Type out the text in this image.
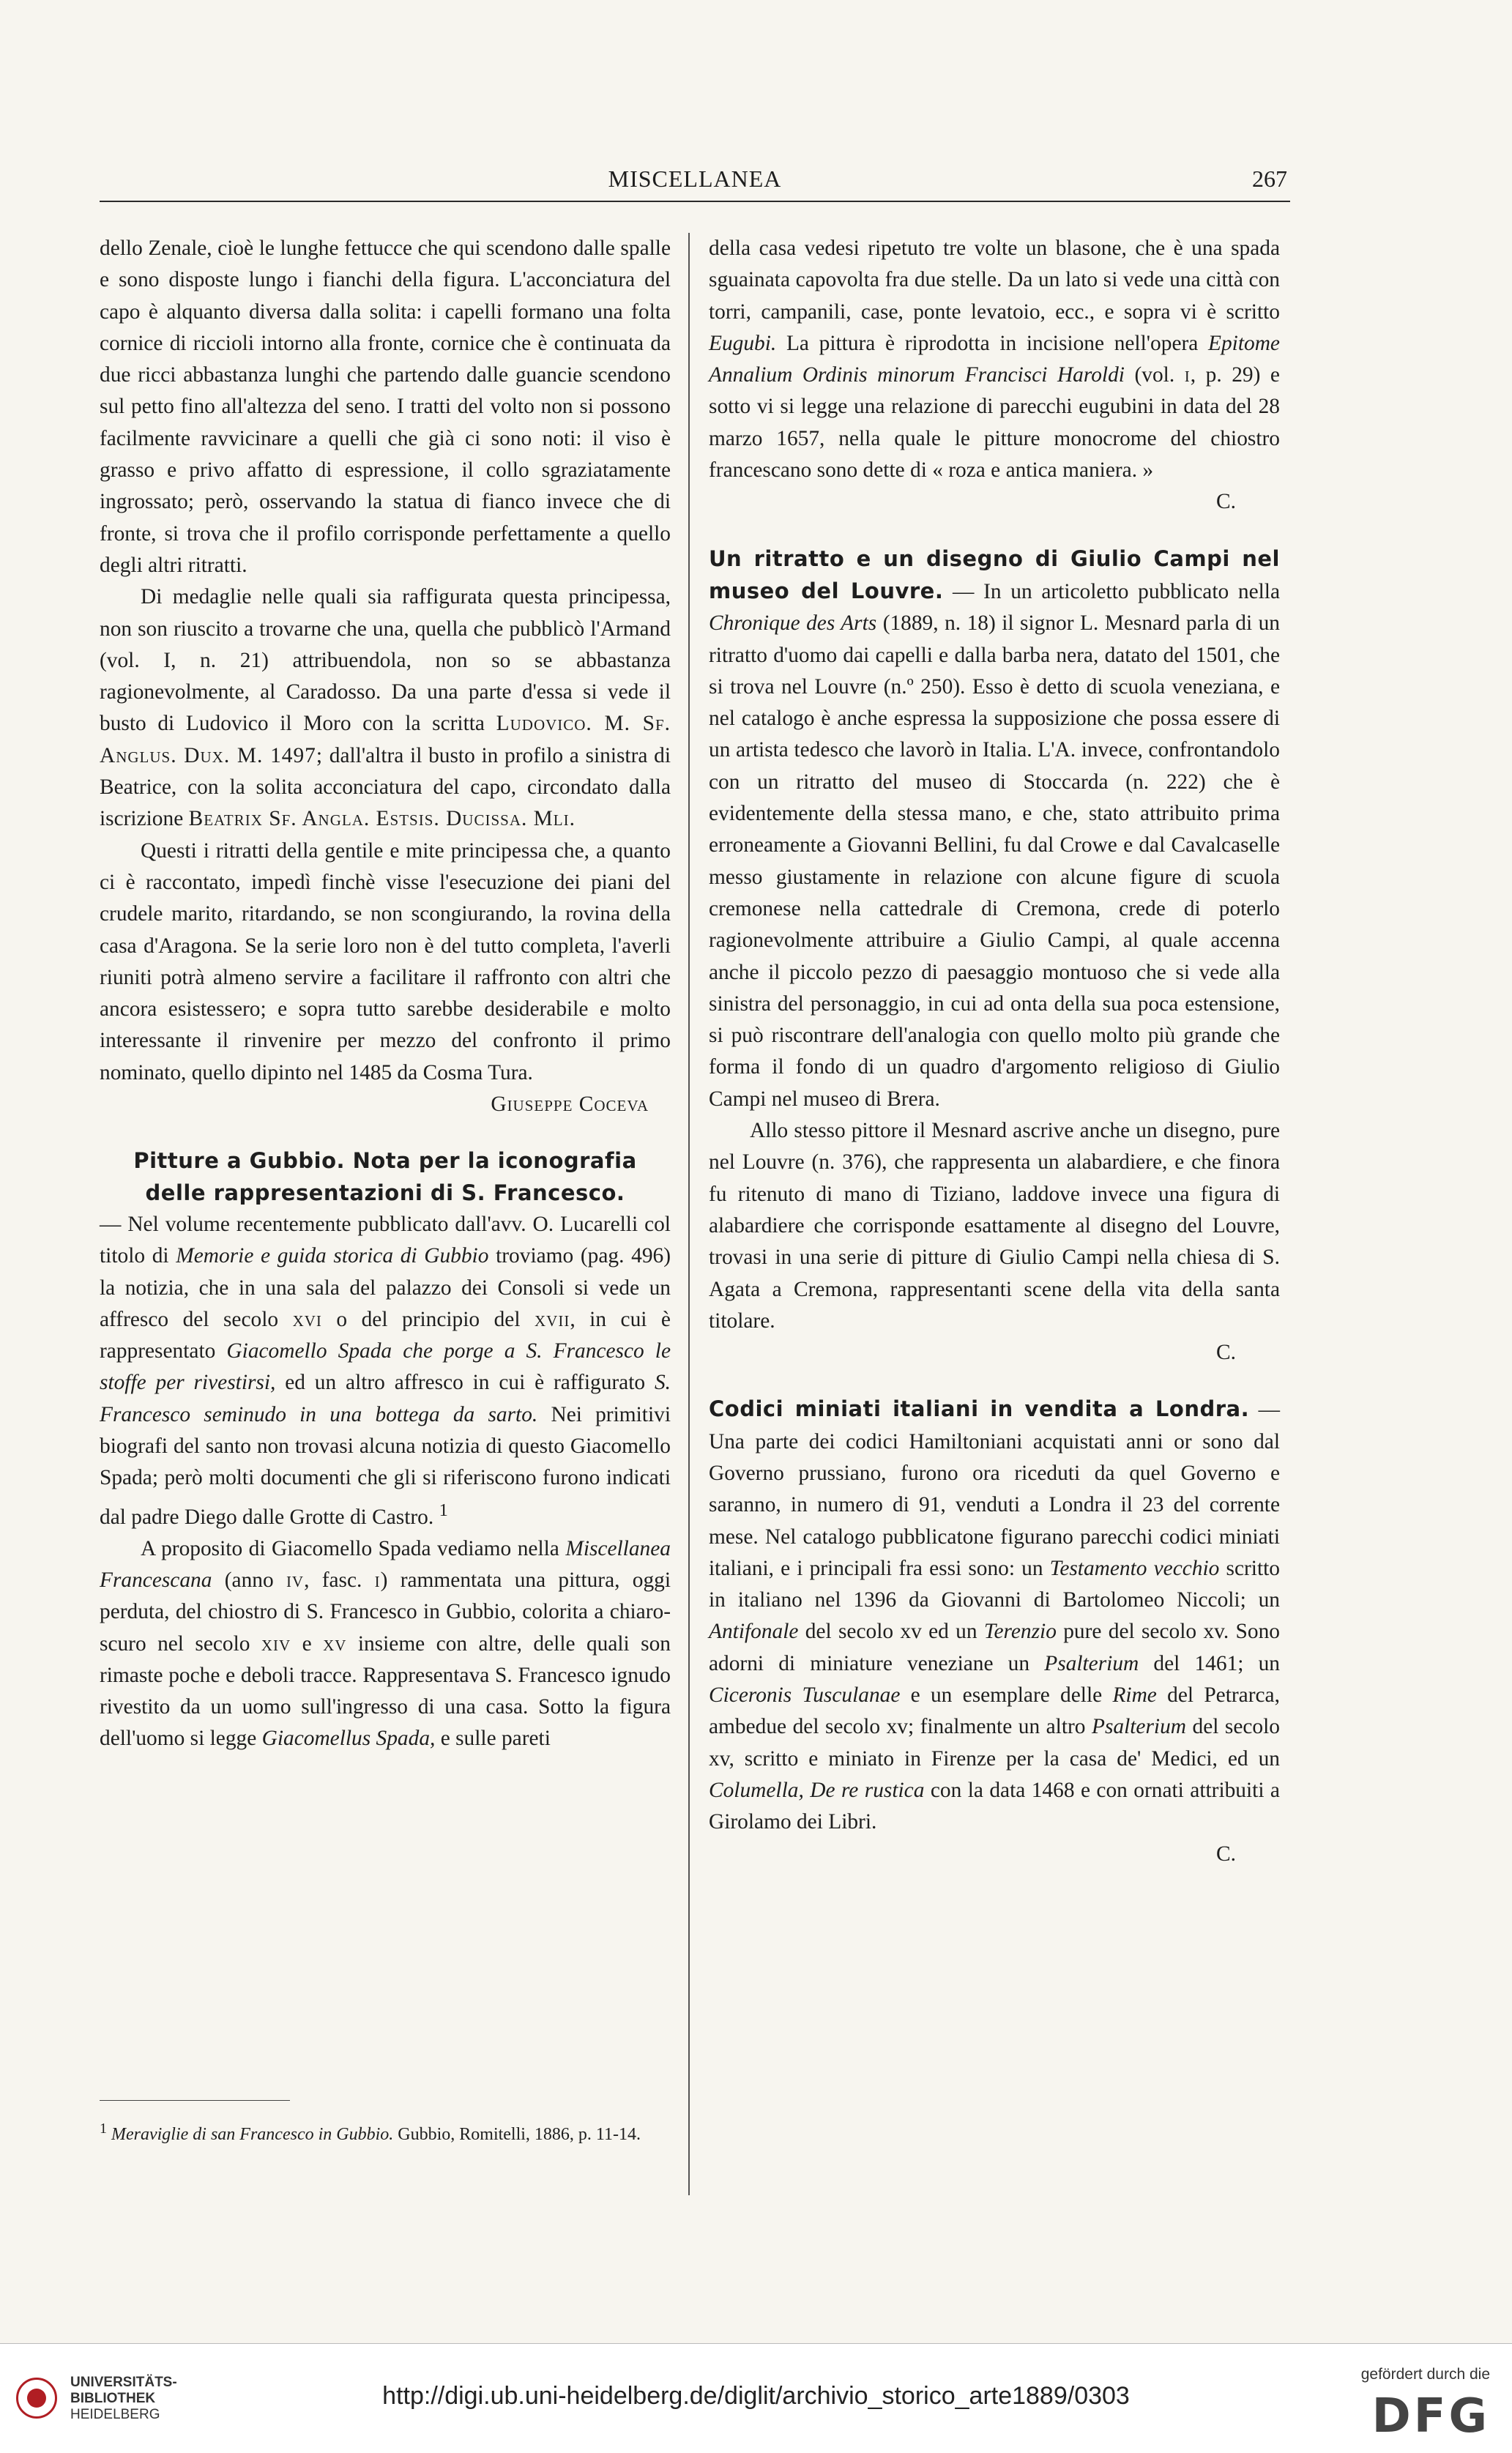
MISCELLANEA	267

dello Zenale, cioè le lunghe fettucce che qui scendono dalle spalle e sono disposte lungo i fianchi della figura. L'acconciatura del capo è alquanto diversa dalla solita: i capelli formano una folta cornice di riccioli intorno alla fronte, cornice che è continuata da due ricci abbastanza lunghi che partendo dalle guancie scendono sul petto fino all'altezza del seno. I tratti del volto non si possono facilmente ravvicinare a quelli che già ci sono noti: il viso è grasso e privo affatto di espressione, il collo sgraziatamente ingrossato; però, osservando la statua di fianco invece che di fronte, si trova che il profilo corrisponde perfettamente a quello degli altri ritratti.

Di medaglie nelle quali sia raffigurata questa principessa, non son riuscito a trovarne che una, quella che pubblicò l'Armand (vol. I, n. 21) attribuendola, non so se abbastanza ragionevolmente, al Caradosso. Da una parte d'essa si vede il busto di Ludovico il Moro con la scritta Ludovico. M. Sf. Anglus. Dux. M. 1497; dall'altra il busto in profilo a sinistra di Beatrice, con la solita acconciatura del capo, circondato dalla iscrizione Beatrix Sf. Angla. Estsis. Ducissa. Mli.

Questi i ritratti della gentile e mite principessa che, a quanto ci è raccontato, impedì finchè visse l'esecuzione dei piani del crudele marito, ritardando, se non scongiurando, la rovina della casa d'Aragona. Se la serie loro non è del tutto completa, l'averli riuniti potrà almeno servire a facilitare il raffronto con altri che ancora esistessero; e sopra tutto sarebbe desiderabile e molto interessante il rinvenire per mezzo del confronto il primo nominato, quello dipinto nel 1485 da Cosma Tura.

Giuseppe Coceva

Pitture a Gubbio. Nota per la iconografia delle rappresentazioni di S. Francesco.
— Nel volume recentemente pubblicato dall'avv. O. Lucarelli col titolo di Memorie e guida storica di Gubbio troviamo (pag. 496) la notizia, che in una sala del palazzo dei Consoli si vede un affresco del secolo xvi o del principio del xvii, in cui è rappresentato Giacomello Spada che porge a S. Francesco le stoffe per rivestirsi, ed un altro affresco in cui è raffigurato S. Francesco seminudo in una bottega da sarto. Nei primitivi biografi del santo non trovasi alcuna notizia di questo Giacomello Spada; però molti documenti che gli si riferiscono furono indicati dal padre Diego dalle Grotte di Castro. $^1$

A proposito di Giacomello Spada vediamo nella Miscellanea Francescana (anno iv, fasc. i) rammentata una pittura, oggi perduta, del chiostro di S. Francesco in Gubbio, colorita a chiaro-scuro nel secolo xiv e xv insieme con altre, delle quali son rimaste poche e deboli tracce. Rappresentava S. Francesco ignudo rivestito da un uomo sull'ingresso di una casa. Sotto la figura dell'uomo si legge Giacomellus Spada, e sulle pareti

$^1$ Meraviglie di san Francesco in Gubbio. Gubbio, Romitelli, 1886, p. 11-14.

della casa vedesi ripetuto tre volte un blasone, che è una spada sguainata capovolta fra due stelle. Da un lato si vede una città con torri, campanili, case, ponte levatoio, ecc., e sopra vi è scritto Eugubi. La pittura è riprodotta in incisione nell'opera Epitome Annalium Ordinis minorum Francisci Haroldi (vol. i, p. 29) e sotto vi si legge una relazione di parecchi eugubini in data del 28 marzo 1657, nella quale le pitture monocrome del chiostro francescano sono dette di « roza e antica maniera. »

C.

Un ritratto e un disegno di Giulio Campi nel museo del Louvre. — In un articoletto pubblicato nella Chronique des Arts (1889, n. 18) il signor L. Mesnard parla di un ritratto d'uomo dai capelli e dalla barba nera, datato del 1501, che si trova nel Louvre (n.º 250). Esso è detto di scuola veneziana, e nel catalogo è anche espressa la supposizione che possa essere di un artista tedesco che lavorò in Italia. L'A. invece, confrontandolo con un ritratto del museo di Stoccarda (n. 222) che è evidentemente della stessa mano, e che, stato attribuito prima erroneamente a Giovanni Bellini, fu dal Crowe e dal Cavalcaselle messo giustamente in relazione con alcune figure di scuola cremonese nella cattedrale di Cremona, crede di poterlo ragionevolmente attribuire a Giulio Campi, al quale accenna anche il piccolo pezzo di paesaggio montuoso che si vede alla sinistra del personaggio, in cui ad onta della sua poca estensione, si può riscontrare dell'analogia con quello molto più grande che forma il fondo di un quadro d'argomento religioso di Giulio Campi nel museo di Brera.

Allo stesso pittore il Mesnard ascrive anche un disegno, pure nel Louvre (n. 376), che rappresenta un alabardiere, e che finora fu ritenuto di mano di Tiziano, laddove invece una figura di alabardiere che corrisponde esattamente al disegno del Louvre, trovasi in una serie di pitture di Giulio Campi nella chiesa di S. Agata a Cremona, rappresentanti scene della vita della santa titolare.

C.

Codici miniati italiani in vendita a Londra. — Una parte dei codici Hamiltoniani acquistati anni or sono dal Governo prussiano, furono ora riceduti da quel Governo e saranno, in numero di 91, venduti a Londra il 23 del corrente mese. Nel catalogo pubblicatone figurano parecchi codici miniati italiani, e i principali fra essi sono: un Testamento vecchio scritto in italiano nel 1396 da Giovanni di Bartolomeo Niccoli; un Antifonale del secolo xv ed un Terenzio pure del secolo xv. Sono adorni di miniature veneziane un Psalterium del 1461; un Ciceronis Tusculanae e un esemplare delle Rime del Petrarca, ambedue del secolo xv; finalmente un altro Psalterium del secolo xv, scritto e miniato in Firenze per la casa de' Medici, ed un Columella, De re rustica con la data 1468 e con ornati attribuiti a Girolamo dei Libri.

C.

UNIVERSITÄTS-
BIBLIOTHEK
HEIDELBERG
http://digi.ub.uni-heidelberg.de/diglit/archivio_storico_arte1889/0303
gefördert durch die
DFG
